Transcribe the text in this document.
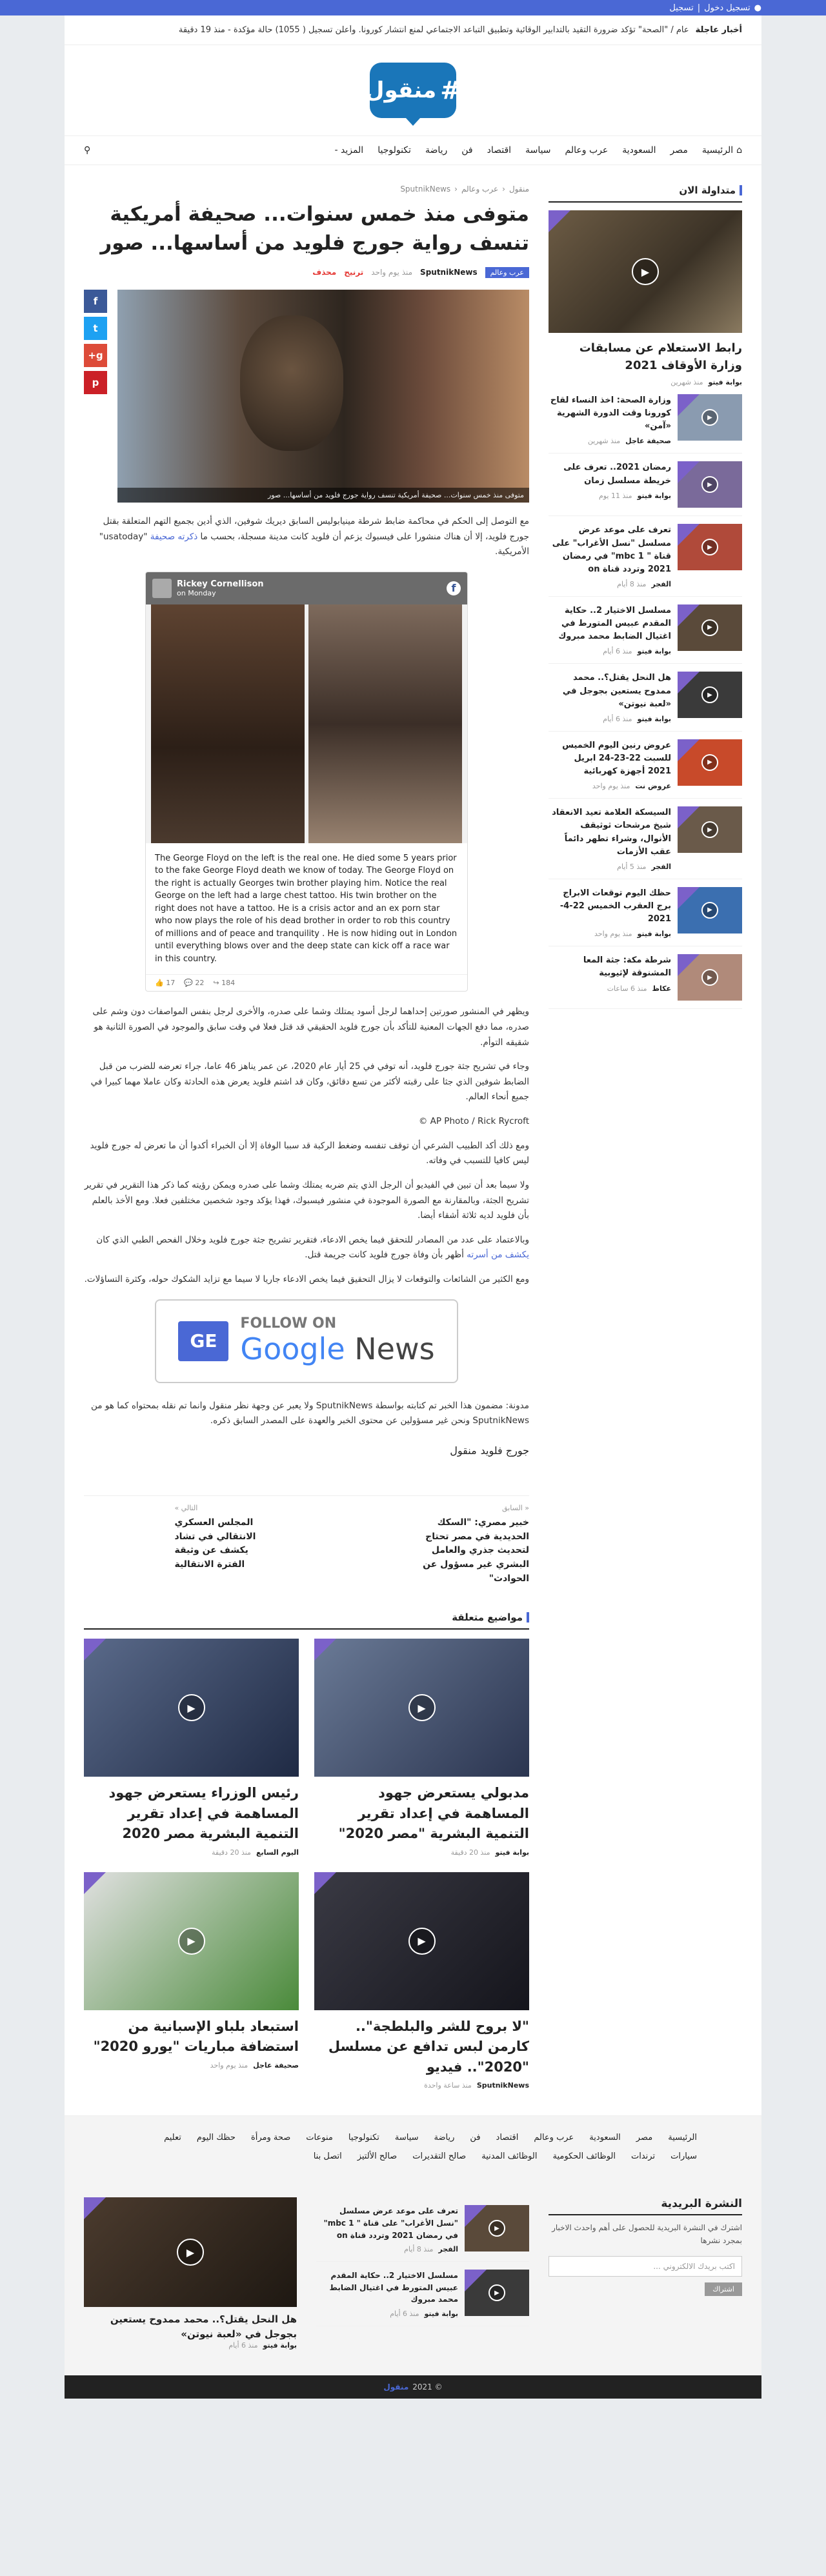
●
تسجيل دخول
|
تسجيل
أخبار عاجلة
عام / "الصحة" تؤكد ضرورة التقيد بالتدابير الوقائية وتطبيق التباعد الاجتماعي لمنع انتشار كورونا. وأعلن تسجيل ( 1055) حالة مؤكدة - منذ 19 دقيقة
#
منقول
⌂
الرئيسية
مصر
السعودية
عرب وعالم
سياسة
اقتصاد
فن
رياضة
تكنولوجيا
المزيد -
⚲
متداولة الان
▶
رابط الاستعلام عن مسابقات وزارة الأوقاف 2021
بوابة فيتو
منذ شهرين
▶
وزارة الصحة: اخذ النساء لقاح كورونا وقت الدورة الشهرية «آمن»
صحيفة عاجل
منذ شهرين
▶
رمضان 2021.. تعرف على خريطة مسلسل زمان
بوابة فيتو
منذ 11 يوم
▶
تعرف على موعد عرض مسلسل "نسل الأغراب" على قناة " mbc 1" في رمضان 2021 وتردد قناة on
الفجر
منذ 8 أيام
▶
مسلسل الاختيار 2.. حكاية المقدم عبيس المتورط في اغتيال الضابط محمد مبروك
بوابة فيتو
منذ 6 أيام
▶
هل النحل يقتل؟.. محمد ممدوح يستعين بجوجل في «لعبة نيوتن»
بوابة فيتو
منذ 6 أيام
▶
عروض رنين اليوم الخميس للسبت 22-23-24 ابريل 2021 أجهزة كهربائية
عروض نت
منذ يوم واحد
▶
السيسكة العلامة تعيد الانعقاد شيخ مرشحات ثوثيقف الأنوال، وشراء تطهر دائماً عقب الأزمات
الفجر
منذ 5 أيام
▶
حظك اليوم توقعات الابراج برج العقرب الخميس 22-4-2021
بوابة فيتو
منذ يوم واحد
▶
شرطة مكة: جثة المعا المشنوقة لإثيوبية
عكاظ
منذ 6 ساعات
منقول
‹
عرب وعالم
‹
SputnikNews
متوفى منذ خمس سنوات... صحيفة أمريكية تنسف رواية جورج فلويد من أساسها... صور
عرب وعالم
SputnikNews
منذ يوم واحد
ترنيح
محذف
متوفى منذ خمس سنوات... صحيفة أمريكية تنسف رواية جورج فلويد من أساسها... صور
f
t
g+
p

مع التوصل إلى الحكم في محاكمة ضابط شرطة مينيابوليس السابق ديريك شوفين، الذي أدين بجميع التهم المتعلقة بقتل جورج فلويد، إلا أن هناك منشورا على فيسبوك يزعم أن فلويد كانت مدينة مسجلة، بحسب ما ذكرته صحيفة "usatoday" الأمريكية.

Rickey Cornellison
on Monday	f
The George Floyd on the left is the real one. He died some 5 years prior to the fake George Floyd death we know of today. The George Floyd on the right is actually Georges twin brother playing him. Notice the real George on the left had a large chest tattoo. His twin brother on the right does not have a tattoo. He is a crisis actor and an ex porn star who now plays the role of his dead brother in order to rob this country of millions and of peace and tranquility . He is now hiding out in London until everything blows over and the deep state can kick off a race war in this country.
👍 17 💬 22 ↪ 184

ويظهر في المنشور صورتين إحداهما لرجل أسود يمتلك وشما على صدره، والأخرى لرجل بنفس المواصفات دون وشم على صدره، مما دفع الجهات المعنية للتأكد بأن جورج فلويد الحقيقي قد قتل فعلا في وقت سابق والموجود في الصورة الثانية هو شقيقه التوأم.

وجاء في تشريح جثة جورج فلويد، أنه توفي في 25 أيار عام 2020، عن عمر يناهز 46 عاما، جراء تعرضه للضرب من قبل الضابط شوفين الذي جثا على رقبته لأكثر من تسع دقائق، وكان قد اشتم فلويد يعرض هذه الحادثة وكان عاملا مهما كبيرا في جميع أنحاء العالم.

AP Photo / Rick Rycroft ©

ومع ذلك أكد الطبيب الشرعي أن توقف تنفسه وضغط الركبة قد سببا الوفاة إلا أن الخبراء أكدوا أن ما تعرض له جورج فلويد ليس كافيا للتسبب في وفاته.

ولا سيما بعد أن تبين في الفيديو أن الرجل الذي يتم ضربه يمتلك وشما على صدره ويمكن رؤيته كما ذكر هذا التقرير في تقرير تشريح الجثة، وبالمقارنة مع الصورة الموجودة في منشور فيسبوك، فهذا يؤكد وجود شخصين مختلفين فعلا. ومع الأخذ بالعلم بأن فلويد لديه ثلاثة أشقاء أيضا.

وبالاعتماد على عدد من المصادر للتحقق فيما يخص الادعاء، فتقرير تشريح جثة جورج فلويد وخلال الفحص الطبي الذي كان يكشف من أسرته أظهر بأن وفاة جورج فلويد كانت جريمة قتل.

ومع الكثير من الشائعات والتوقعات لا يزال التحقيق فيما يخص الادعاء جاريا لا سيما مع تزايد الشكوك حوله، وكثرة التساؤلات.

GE
FOLLOW ON
Google News

مدونة: مضمون هذا الخبر تم كتابته بواسطة SputnikNews ولا يعبر عن وجهة نظر منقول وانما تم نقله بمحتواه كما هو من SputnikNews ونحن غير مسؤولين عن محتوى الخبر والعهدة على المصدر السابق ذكره.

جورج فلويد
منقول
« السابق
خبير مصري: "السكك الحديدية في مصر تحتاج لتحديث جذري والعامل البشري غير مسؤول عن الحوادث"
التالي »
المجلس العسكري الانتقالي في تشاد يكشف عن وثيقة الفترة الانتقالية
مواضيع متعلقة
▶
مدبولي يستعرض جهود المساهمة في إعداد تقرير التنمية البشرية "مصر 2020"
بوابة فيتو
منذ 20 دقيقة
▶
رئيس الوزراء يستعرض جهود المساهمة في إعداد تقرير التنمية البشرية مصر 2020
اليوم السابع
منذ 20 دقيقة
▶
"لا بروح للشر والبلطجة".. كارمن لبس تدافع عن مسلسل "2020".. فيديو
SputnikNews
منذ ساعة واحدة
▶
استبعاد بلباو الإسبانية من استضافة مباريات "يورو 2020"
صحيفة عاجل
منذ يوم واحد
الرئيسية
مصر
السعودية
عرب وعالم
اقتصاد
فن
رياضة
سياسة
تكنولوجيا
منوعات
صحة ومرأة
حظك اليوم
تعليم
سيارات
ترندات
الوظائف الحكومية
الوظائف المدنية
صالح التقديرات
صالح الألتيز
اتصل بنا
النشرة البريدية

اشترك في النشرة البريدية للحصول على أهم واحدث الاخبار بمجرد نشرها

اكتب بريدك الالكتروني ...
اشتراك
▶
تعرف على موعد عرض مسلسل "نسل الأغراب" على قناة " mbc 1" في رمضان 2021 وتردد قناة on
الفجر
منذ 8 أيام
▶
مسلسل الاختيار 2.. حكاية المقدم عبيس المتورط في اغتيال الضابط محمد مبروك
بوابة فيتو
منذ 6 أيام
▶
هل النحل يقتل؟.. محمد ممدوح يستعين بجوجل في «لعبة نيوتن»
بوابة فيتو
منذ 6 أيام
© 2021
منقول
